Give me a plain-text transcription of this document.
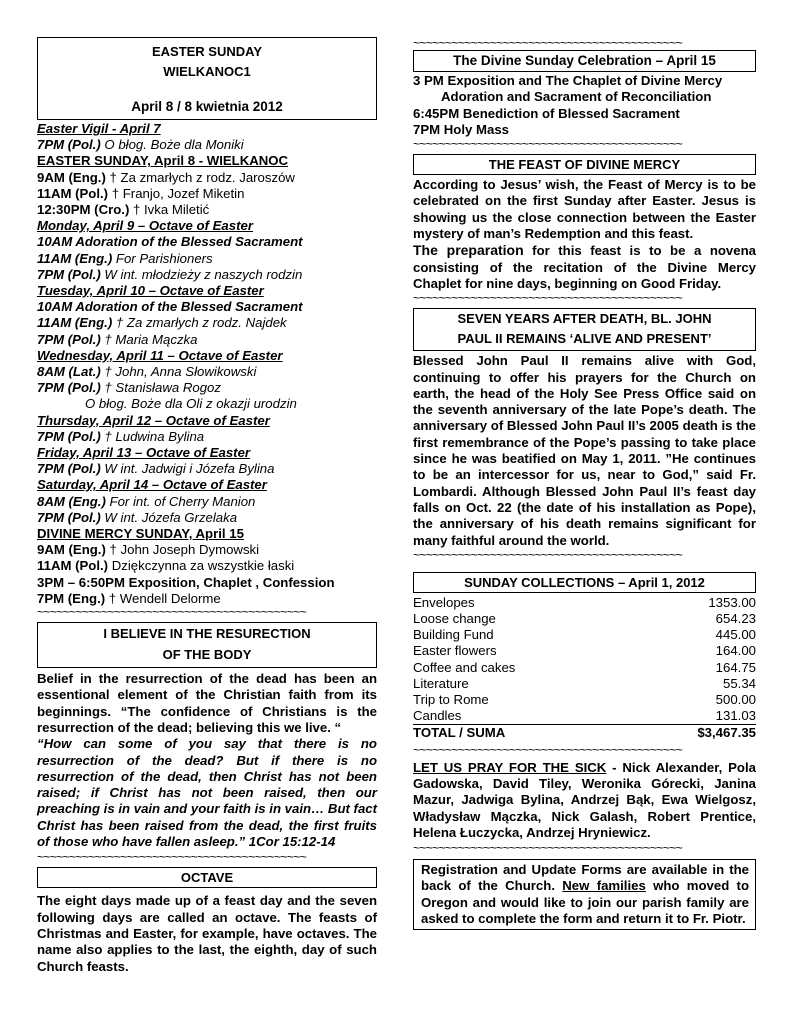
EASTER SUNDAY
WIELKANOC1
April 8 / 8 kwietnia 2012
Easter Vigil - April 7
7PM (Pol.) O błog. Boże dla Moniki
EASTER SUNDAY, April 8 - WIELKANOC
9AM (Eng.) † Za zmarłych z rodz. Jaroszów
11AM (Pol.) † Franjo, Jozef Miketin
12:30PM (Cro.) † Ivka Miletić
Monday, April 9 – Octave of Easter
10AM Adoration of the Blessed Sacrament
11AM (Eng.) For Parishioners
7PM (Pol.) W int. młodzieży z naszych rodzin
Tuesday, April 10 – Octave of Easter
10AM Adoration of the Blessed Sacrament
11AM (Eng.) † Za zmarłych z rodz. Najdek
7PM (Pol.) † Maria Mączka
Wednesday, April 11 – Octave of Easter
8AM (Lat.) † John, Anna Słowikowski
7PM (Pol.) † Stanisława Rogoz
O błog. Boże dla Oli z okazji urodzin
Thursday, April 12 – Octave of Easter
7PM (Pol.) † Ludwina Bylina
Friday, April 13 – Octave of Easter
7PM (Pol.) W int. Jadwigi i Józefa Bylina
Saturday, April 14 – Octave of Easter
8AM (Eng.) For int. of Cherry Manion
7PM (Pol.) W int. Józefa Grzelaka
DIVINE MERCY SUNDAY, April 15
9AM (Eng.) † John Joseph Dymowski
11AM (Pol.) Dziękczynna za wszystkie łaski
3PM – 6:50PM Exposition, Chaplet , Confession
7PM (Eng.) † Wendell Delorme
~~~~~~~~~~~~~~~~~~~~~~~~~~~~~~~~~~~~~~~~~~
I BELIEVE IN THE RESURECTION
OF THE BODY

Belief in the resurrection of the dead has been an essentional element of the Christian faith from its beginnings. “The confidence of Christians is the resurrection of the dead; believing this we live. “

“How can some of you say that there is no resurrection of the dead? But if there is no resurrection of the dead, then Christ has not been raised; if Christ has not been raised, then our preaching is in vain and your faith is in vain… But fact Christ has been raised from the dead, the first fruits of those who have fallen asleep.” 1Cor 15:12-14

~~~~~~~~~~~~~~~~~~~~~~~~~~~~~~~~~~~~~~~~~~
OCTAVE
The eight days made up of a feast day and the seven following days are called an octave. The feasts of Christmas and Easter, for example, have octaves. The name also applies to the last, the eighth, day of such Church feasts.
~~~~~~~~~~~~~~~~~~~~~~~~~~~~~~~~~~~~~~~~~~
The Divine Sunday Celebration – April 15
3 PM Exposition and The Chaplet of Divine Mercy
Adoration and Sacrament of Reconciliation
6:45PM Benediction of Blessed Sacrament
7PM Holy Mass
~~~~~~~~~~~~~~~~~~~~~~~~~~~~~~~~~~~~~~~~~~
THE FEAST OF DIVINE MERCY

According to Jesus’ wish, the Feast of Mercy is to be celebrated on the first Sunday after Easter. Jesus is showing us the close connection between the Easter mystery of man’s Redemption and this feast.

The preparation for this feast is to be a novena consisting of the recitation of the Divine Mercy Chaplet for nine days, beginning on Good Friday.

~~~~~~~~~~~~~~~~~~~~~~~~~~~~~~~~~~~~~~~~~~
SEVEN YEARS AFTER DEATH, BL. JOHN
PAUL II REMAINS ‘ALIVE AND PRESENT’
Blessed John Paul II remains alive with God, continuing to offer his prayers for the Church on earth, the head of the Holy See Press Office said on the seventh anniversary of the late Pope’s death. The anniversary of Blessed John Paul II’s 2005 death is the first remembrance of the Pope’s passing to take place since he was beatified on May 1, 2011. ”He continues to be an intercessor for us, near to God,” said Fr. Lombardi. Although Blessed John Paul II’s feast day falls on Oct. 22 (the date of his installation as Pope), the anniversary of his death remains significant for many faithful around the world.
~~~~~~~~~~~~~~~~~~~~~~~~~~~~~~~~~~~~~~~~~~
SUNDAY COLLECTIONS – April 1, 2012
Envelopes	1353.00
Loose change	654.23
Building Fund	445.00
Easter flowers	164.00
Coffee and cakes	164.75
Literature	55.34
Trip to Rome	500.00
Candles	131.03
TOTAL / SUMA	$3,467.35
~~~~~~~~~~~~~~~~~~~~~~~~~~~~~~~~~~~~~~~~~~
LET US PRAY FOR THE SICK - Nick Alexander, Pola Gadowska, David Tiley, Weronika Górecki, Janina Mazur, Jadwiga Bylina, Andrzej Bąk, Ewa Wielgosz, Władysław Mączka, Nick Galash, Robert Prentice, Helena Łuczycka, Andrzej Hryniewicz.
~~~~~~~~~~~~~~~~~~~~~~~~~~~~~~~~~~~~~~~~~~
Registration and Update Forms are available in the back of the Church. New families who moved to Oregon and would like to join our parish family are asked to complete the form and return it to Fr. Piotr.
